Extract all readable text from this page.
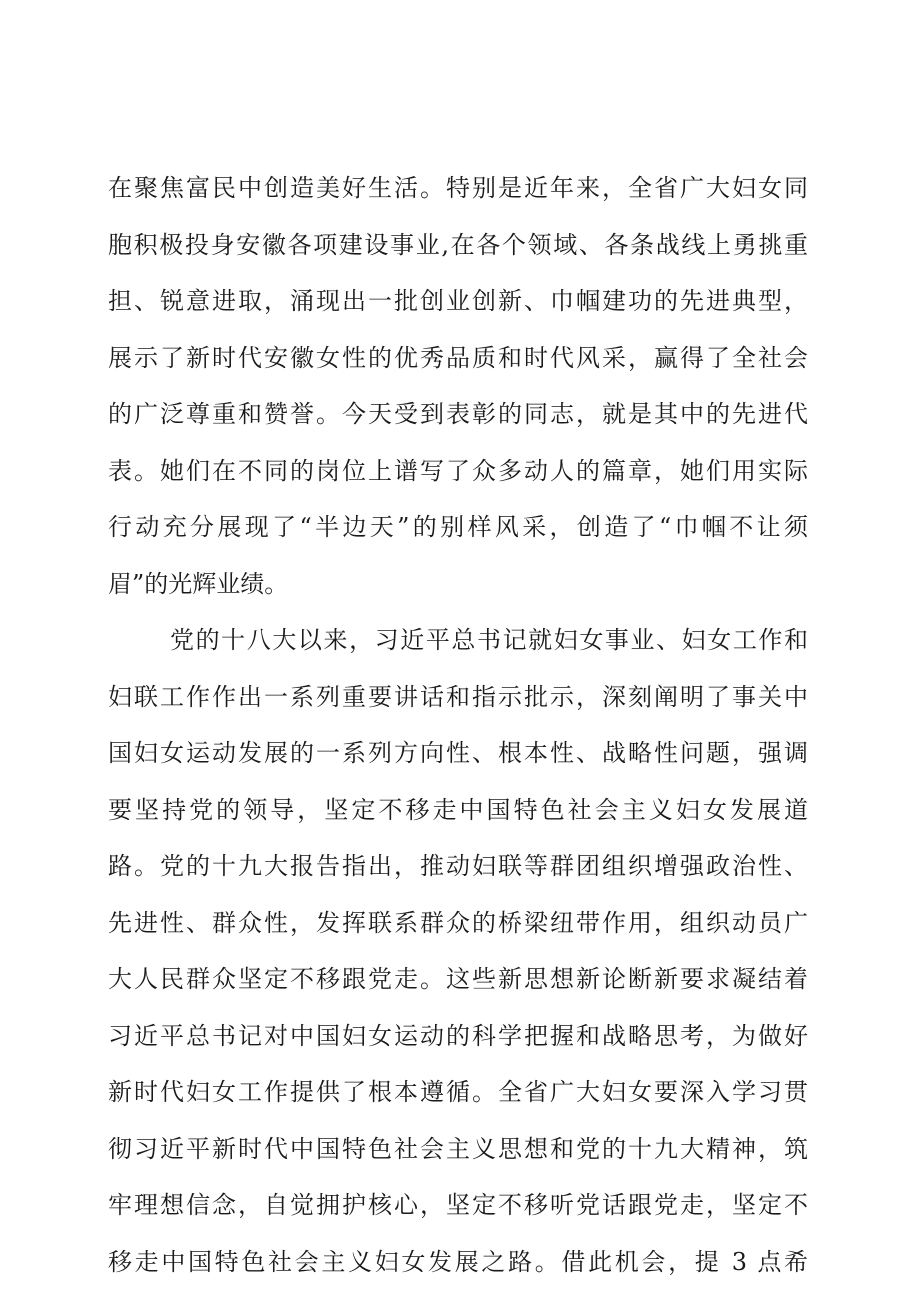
在聚焦富民中创造美好生活。特别是近年来，全省广大妇女同
胞积极投身安徽各项建设事业,在各个领域、各条战线上勇挑重
担、锐意进取，涌现出一批创业创新、巾帼建功的先进典型，
展示了新时代安徽女性的优秀品质和时代风采，赢得了全社会
的广泛尊重和赞誉。今天受到表彰的同志，就是其中的先进代
表。她们在不同的岗位上谱写了众多动人的篇章，她们用实际
行动充分展现了“半边天”的别样风采，创造了“巾帼不让须
眉”的光辉业绩。
党的十八大以来，习近平总书记就妇女事业、妇女工作和
妇联工作作出一系列重要讲话和指示批示，深刻阐明了事关中
国妇女运动发展的一系列方向性、根本性、战略性问题，强调
要坚持党的领导，坚定不移走中国特色社会主义妇女发展道
路。党的十九大报告指出，推动妇联等群团组织增强政治性、
先进性、群众性，发挥联系群众的桥梁纽带作用，组织动员广
大人民群众坚定不移跟党走。这些新思想新论断新要求凝结着
习近平总书记对中国妇女运动的科学把握和战略思考，为做好
新时代妇女工作提供了根本遵循。全省广大妇女要深入学习贯
彻习近平新时代中国特色社会主义思想和党的十九大精神，筑
牢理想信念，自觉拥护核心，坚定不移听党话跟党走，坚定不
移走中国特色社会主义妇女发展之路。借此机会，提 3 点希
